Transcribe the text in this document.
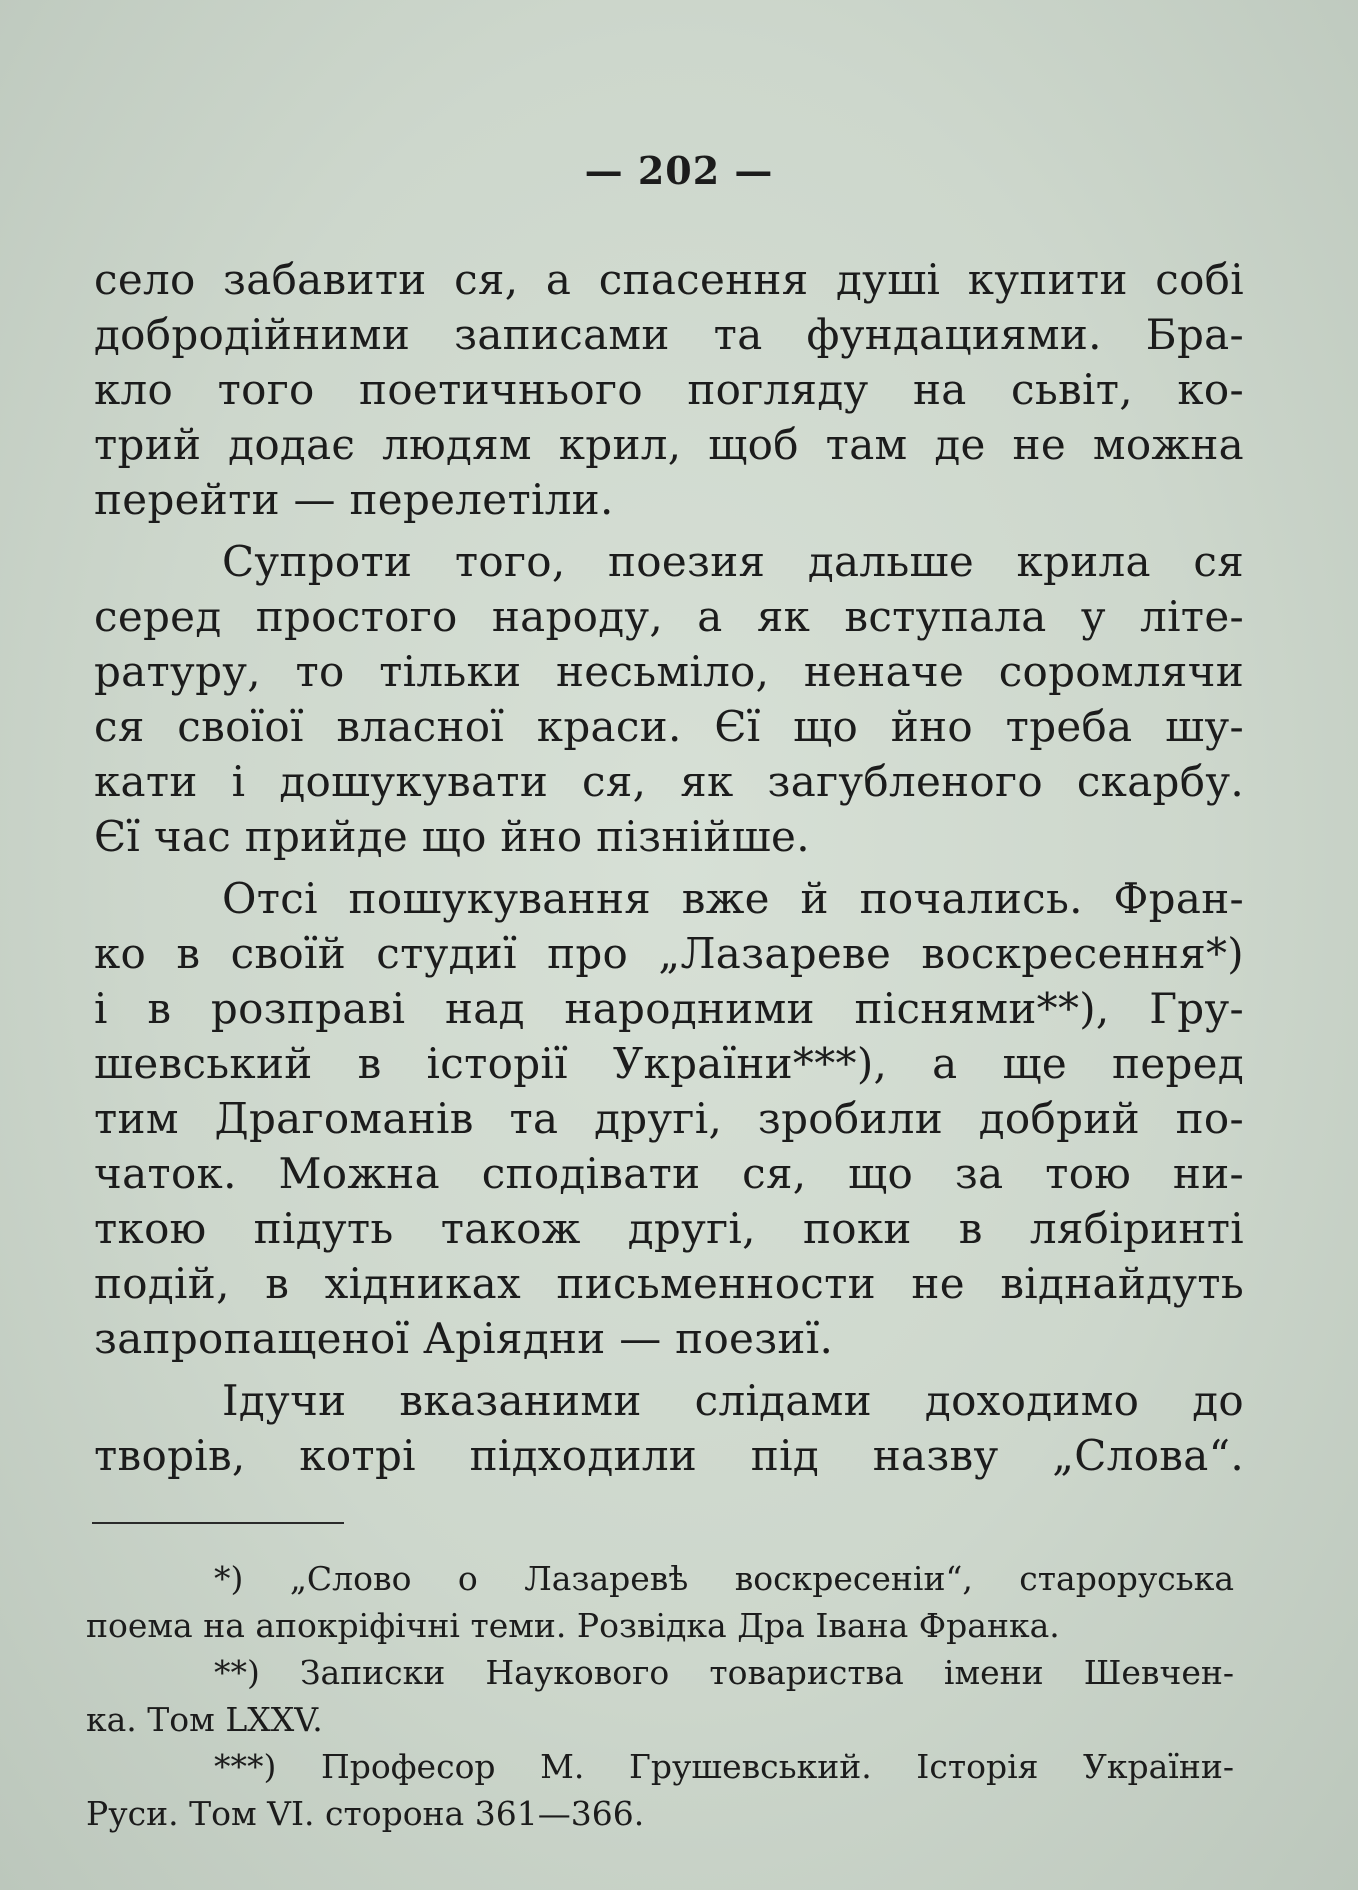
— 202 —
село забавити ся, а спасення душі купити собі
добродійними записами та фундациями. Бра-
кло того поетичнього погляду на сьвіт, ко-
трий додає людям крил, щоб там де не можна
перейти — перелетіли.
Супроти того, поезия дальше крила ся
серед простого народу, а як вступала у літе-
ратуру, то тільки несьміло, неначе соромлячи
ся своїої власної краси. Єї що йно треба шу-
кати і дошукувати ся, як загубленого скарбу.
Єї час прийде що йно пізнійше.
Отсі пошукування вже й почались. Фран-
ко в своїй студиї про „Лазареве воскресення*)
і в розправі над народними піснями**), Гру-
шевський в історії України***), а ще перед
тим Драгоманів та другі, зробили добрий по-
чаток. Можна сподівати ся, що за тою ни-
ткою підуть також другі, поки в лябіринті
подій, в хідниках письменности не віднайдуть
запропащеної Аріядни — поезиї.
Ідучи вказаними слідами доходимо до
творів, котрі підходили під назву „Слова“.
*) „Слово о Лазаревѣ воскресеніи“, староруська
поема на апокріфічні теми. Розвідка Дра Івана Франка.
**) Записки Наукового товариства імени Шевчен-
ка. Том LXXV.
***) Професор М. Грушевський. Історія України-
Руси. Том VI. сторона 361—366.
